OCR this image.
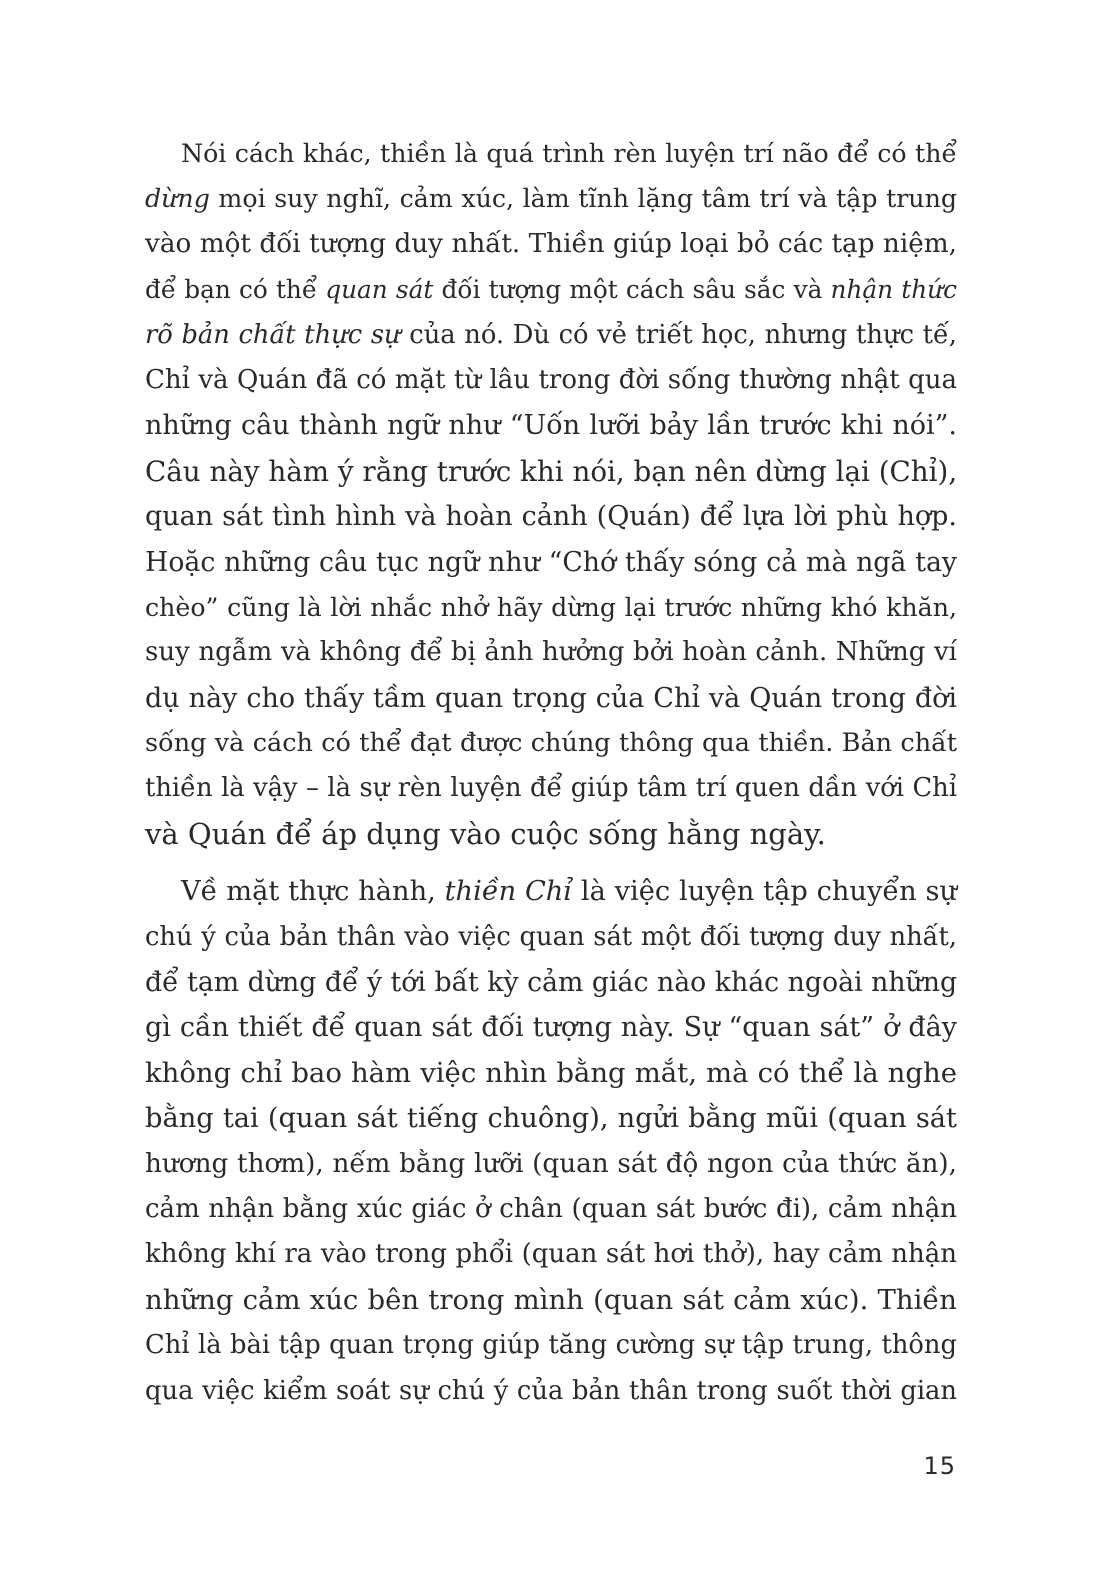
Nói cách khác, thiền là quá trình rèn luyện trí não để có thể
dừng mọi suy nghĩ, cảm xúc, làm tĩnh lặng tâm trí và tập trung
vào một đối tượng duy nhất. Thiền giúp loại bỏ các tạp niệm,
để bạn có thể quan sát đối tượng một cách sâu sắc và nhận thức
rõ bản chất thực sự của nó. Dù có vẻ triết học, nhưng thực tế,
Chỉ và Quán đã có mặt từ lâu trong đời sống thường nhật qua
những câu thành ngữ như “Uốn lưỡi bảy lần trước khi nói”.
Câu này hàm ý rằng trước khi nói, bạn nên dừng lại (Chỉ),
quan sát tình hình và hoàn cảnh (Quán) để lựa lời phù hợp.
Hoặc những câu tục ngữ như “Chớ thấy sóng cả mà ngã tay
chèo” cũng là lời nhắc nhở hãy dừng lại trước những khó khăn,
suy ngẫm và không để bị ảnh hưởng bởi hoàn cảnh. Những ví
dụ này cho thấy tầm quan trọng của Chỉ và Quán trong đời
sống và cách có thể đạt được chúng thông qua thiền. Bản chất
thiền là vậy – là sự rèn luyện để giúp tâm trí quen dần với Chỉ
và Quán để áp dụng vào cuộc sống hằng ngày.
Về mặt thực hành, thiền Chỉ là việc luyện tập chuyển sự
chú ý của bản thân vào việc quan sát một đối tượng duy nhất,
để tạm dừng để ý tới bất kỳ cảm giác nào khác ngoài những
gì cần thiết để quan sát đối tượng này. Sự “quan sát” ở đây
không chỉ bao hàm việc nhìn bằng mắt, mà có thể là nghe
bằng tai (quan sát tiếng chuông), ngửi bằng mũi (quan sát
hương thơm), nếm bằng lưỡi (quan sát độ ngon của thức ăn),
cảm nhận bằng xúc giác ở chân (quan sát bước đi), cảm nhận
không khí ra vào trong phổi (quan sát hơi thở), hay cảm nhận
những cảm xúc bên trong mình (quan sát cảm xúc). Thiền
Chỉ là bài tập quan trọng giúp tăng cường sự tập trung, thông
qua việc kiểm soát sự chú ý của bản thân trong suốt thời gian
15
